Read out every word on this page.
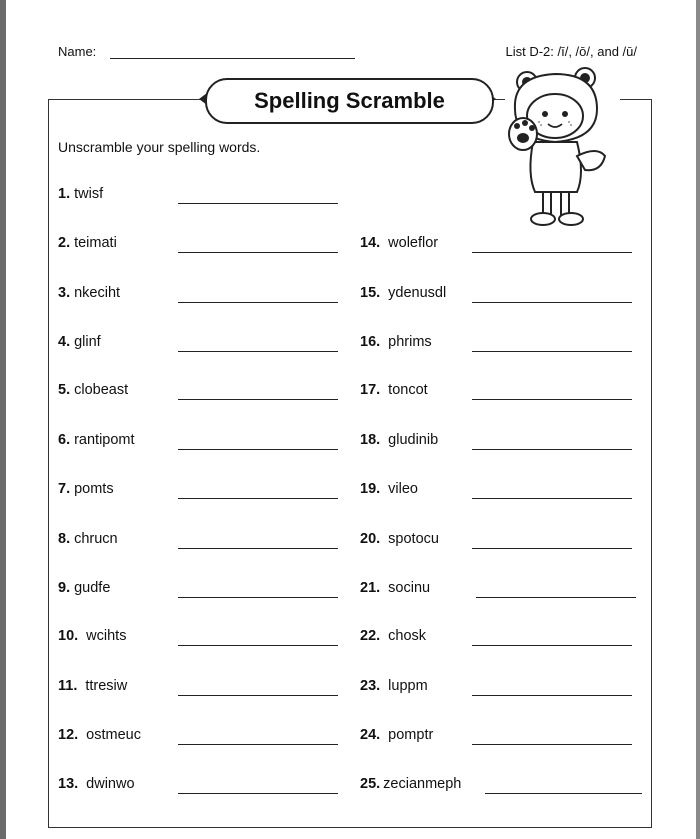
Name:	List D-2: /ī/, /ō/, and /ū/
Spelling Scramble
Unscramble your spelling words.
1. twisf
2. teimati
3. nkeciht
4. glinf
5. clobeast
6. rantipomt
7. pomts
8. chrucn
9. gudfe
10. wcihts
11. ttresiw
12. ostmeuc
13. dwinwo
14. woleflor
15. ydenusdl
16. phrims
17. toncot
18. gludinib
19. vileo
20. spotocu
21. socinu
22. chosk
23. luppm
24. pomptr
25. zecianmeph
